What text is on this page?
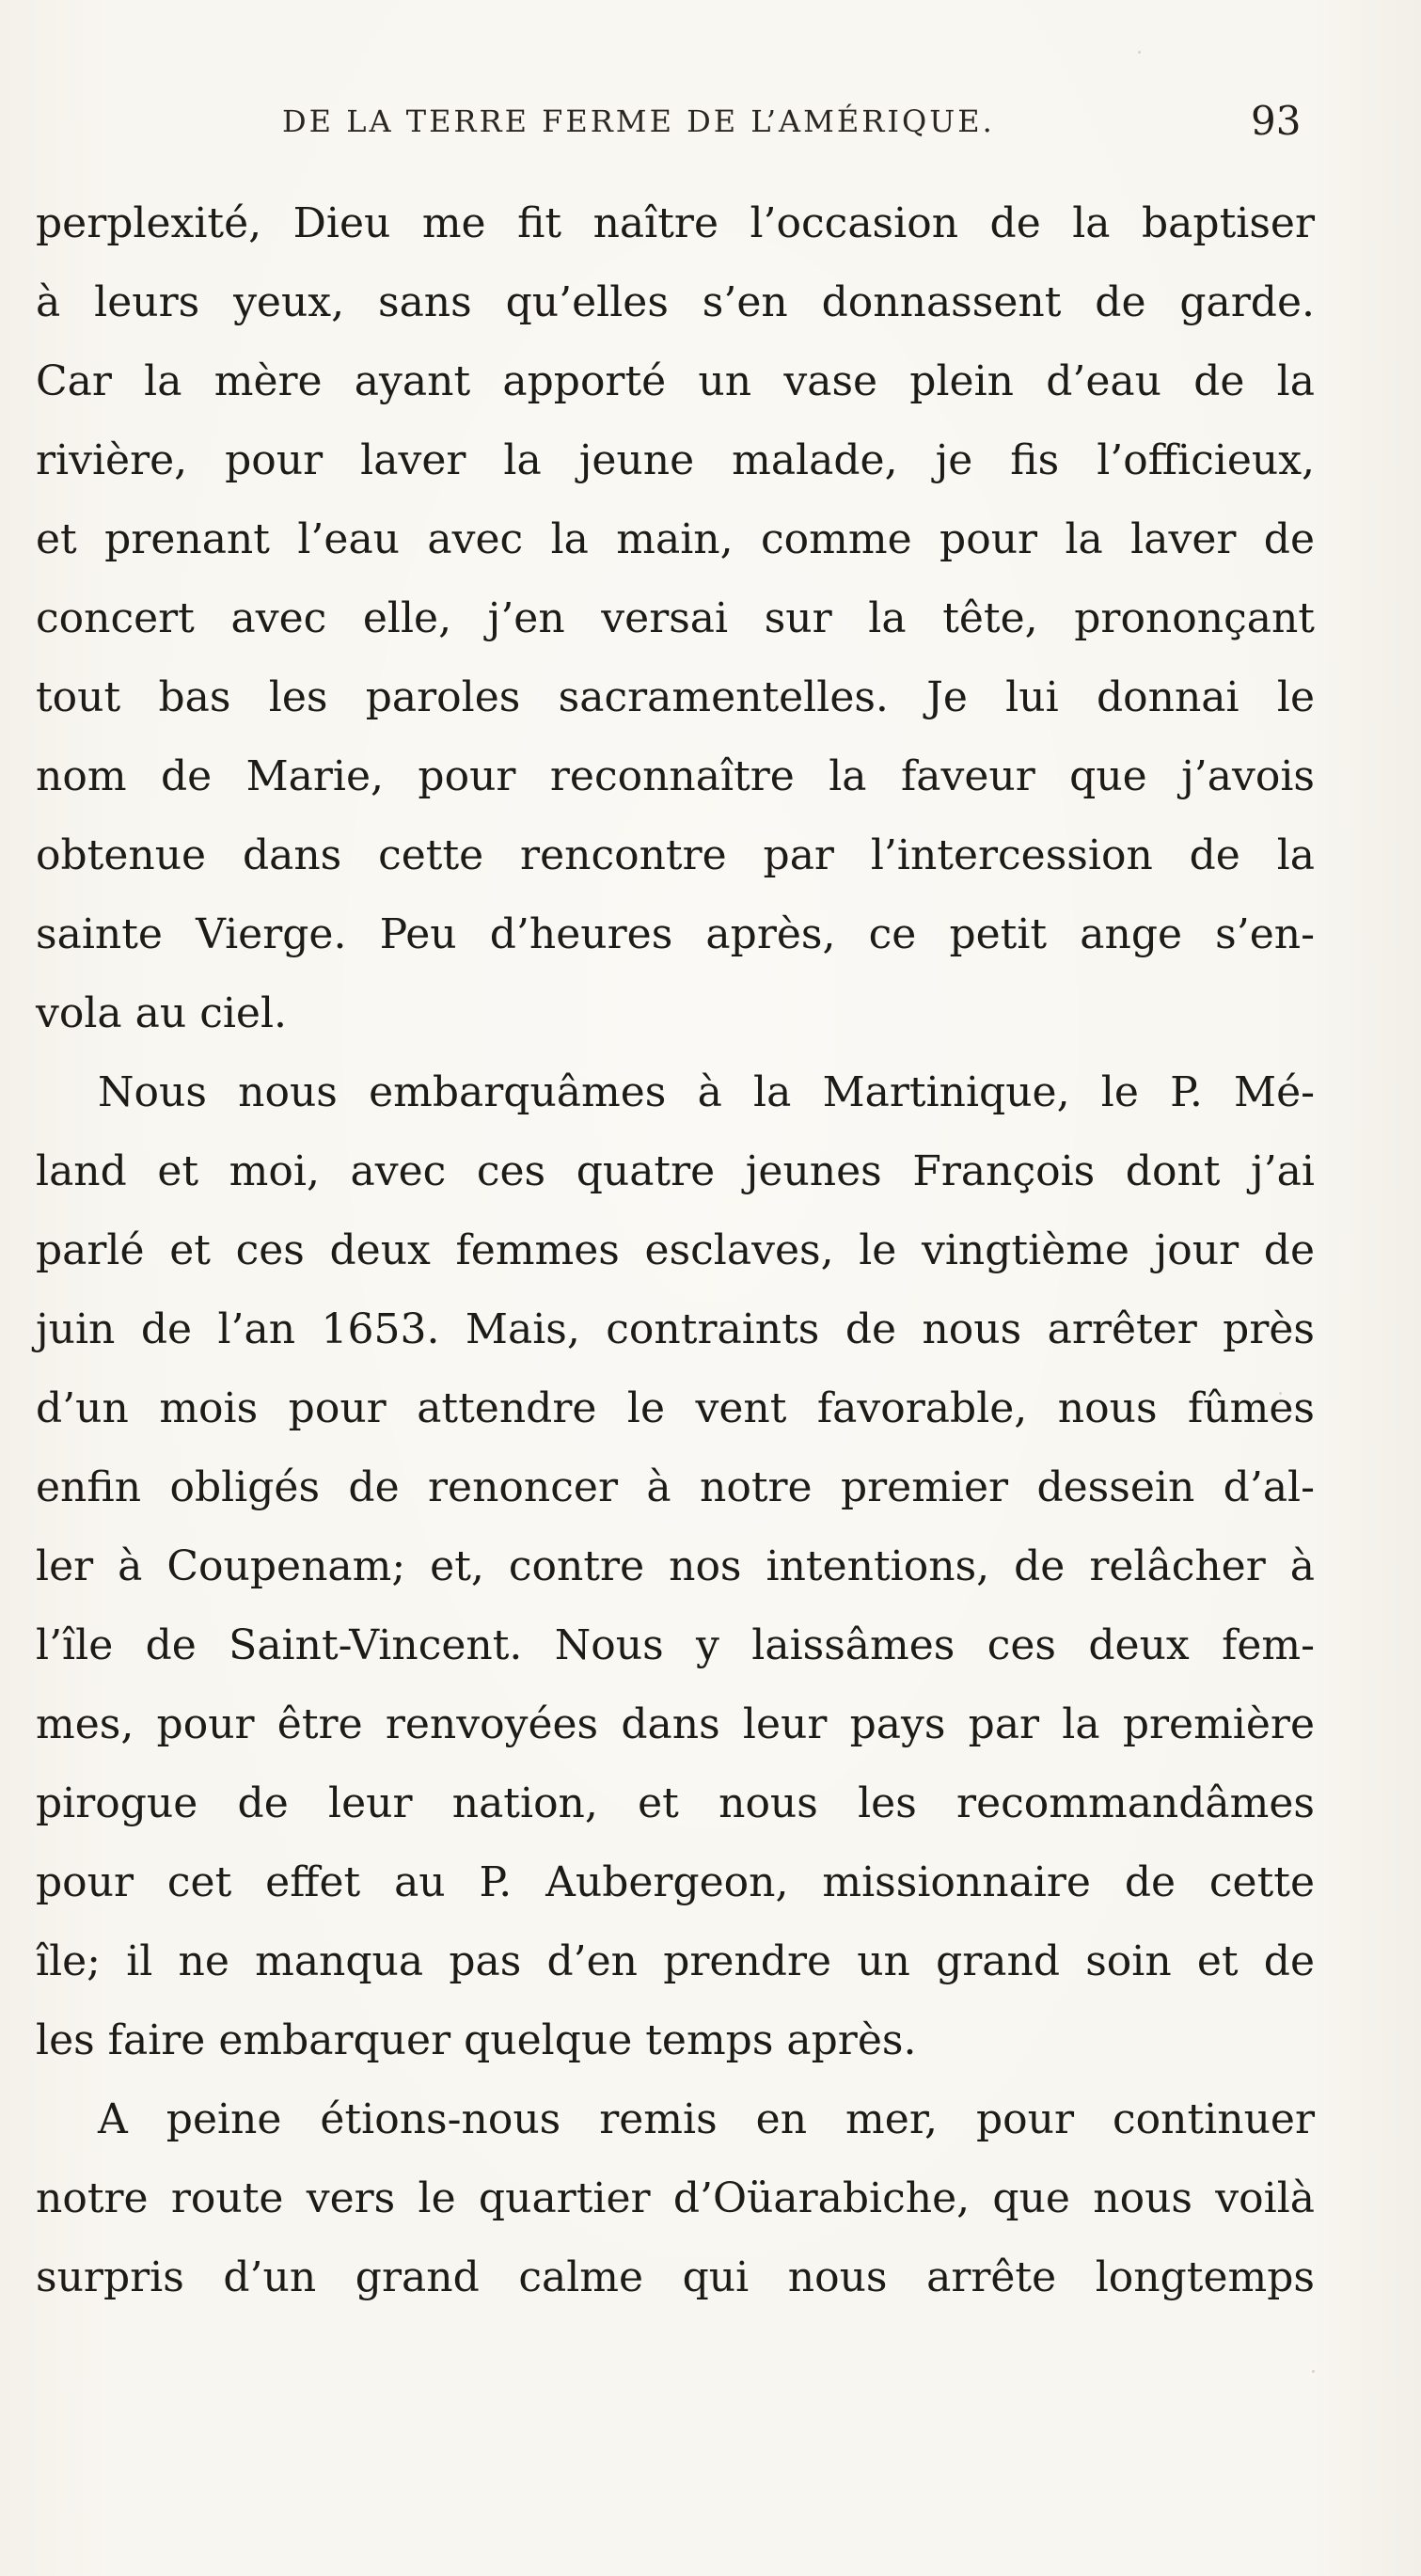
DE LA TERRE FERME DE L’AMÉRIQUE.	93
perplexité, Dieu me fit naître l’occasion de la baptiser
à leurs yeux, sans qu’elles s’en donnassent de garde.
Car la mère ayant apporté un vase plein d’eau de la
rivière, pour laver la jeune malade, je fis l’officieux,
et prenant l’eau avec la main, comme pour la laver de
concert avec elle, j’en versai sur la tête, prononçant
tout bas les paroles sacramentelles. Je lui donnai le
nom de Marie, pour reconnaître la faveur que j’avois
obtenue dans cette rencontre par l’intercession de la
sainte Vierge. Peu d’heures après, ce petit ange s’en-
vola au ciel.
Nous nous embarquâmes à la Martinique, le P. Mé-
land et moi, avec ces quatre jeunes François dont j’ai
parlé et ces deux femmes esclaves, le vingtième jour de
juin de l’an 1653. Mais, contraints de nous arrêter près
d’un mois pour attendre le vent favorable, nous fûmes
enfin obligés de renoncer à notre premier dessein d’al-
ler à Coupenam; et, contre nos intentions, de relâcher à
l’île de Saint-Vincent. Nous y laissâmes ces deux fem-
mes, pour être renvoyées dans leur pays par la première
pirogue de leur nation, et nous les recommandâmes
pour cet effet au P. Aubergeon, missionnaire de cette
île; il ne manqua pas d’en prendre un grand soin et de
les faire embarquer quelque temps après.
A peine étions-nous remis en mer, pour continuer
notre route vers le quartier d’Oüarabiche, que nous voilà
surpris d’un grand calme qui nous arrête longtemps
